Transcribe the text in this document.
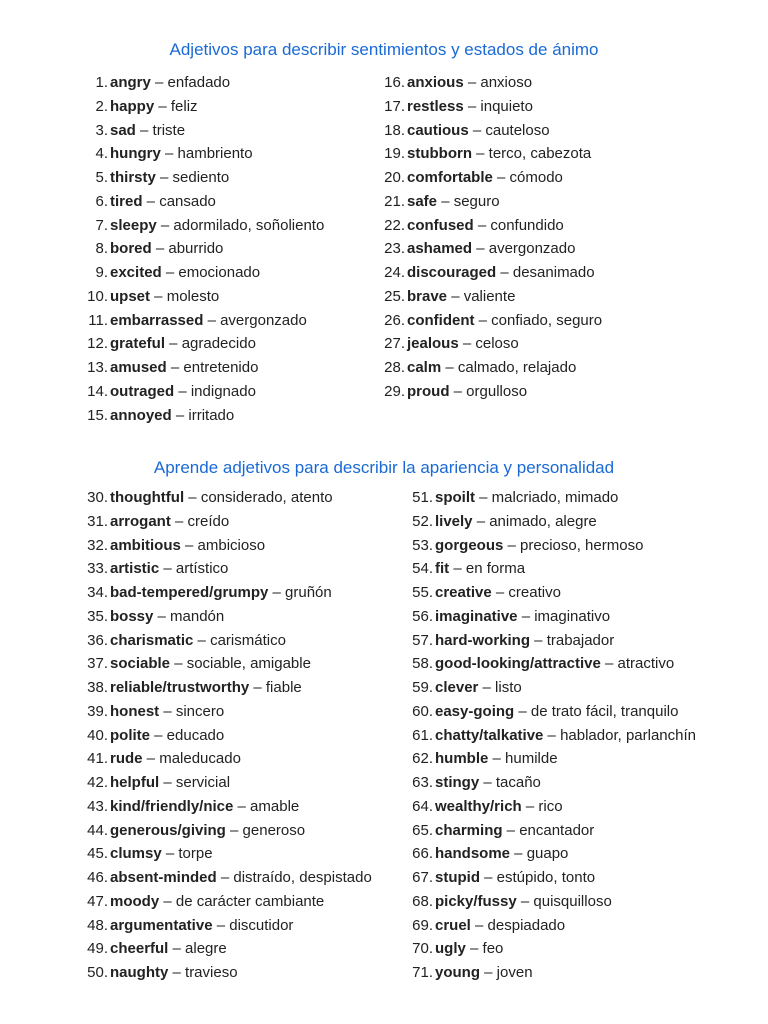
Adjetivos para describir sentimientos y estados de ánimo
1. angry – enfadado
2. happy – feliz
3. sad – triste
4. hungry – hambriento
5. thirsty – sediento
6. tired – cansado
7. sleepy – adormilado, soñoliento
8. bored – aburrido
9. excited – emocionado
10. upset – molesto
11. embarrassed – avergonzado
12. grateful – agradecido
13. amused – entretenido
14. outraged – indignado
15. annoyed – irritado
16. anxious – anxioso
17. restless – inquieto
18. cautious – cauteloso
19. stubborn – terco, cabezota
20. comfortable – cómodo
21. safe – seguro
22. confused – confundido
23. ashamed – avergonzado
24. discouraged – desanimado
25. brave – valiente
26. confident – confiado, seguro
27. jealous – celoso
28. calm – calmado, relajado
29. proud – orgulloso
Aprende adjetivos para describir la apariencia y personalidad
30. thoughtful – considerado, atento
31. arrogant – creído
32. ambitious – ambicioso
33. artistic – artístico
34. bad-tempered/grumpy – gruñón
35. bossy – mandón
36. charismatic – carismático
37. sociable – sociable, amigable
38. reliable/trustworthy – fiable
39. honest – sincero
40. polite – educado
41. rude – maleducado
42. helpful – servicial
43. kind/friendly/nice – amable
44. generous/giving – generoso
45. clumsy – torpe
46. absent-minded – distraído, despistado
47. moody – de carácter cambiante
48. argumentative – discutidor
49. cheerful – alegre
50. naughty – travieso
51. spoilt – malcriado, mimado
52. lively – animado, alegre
53. gorgeous – precioso, hermoso
54. fit – en forma
55. creative – creativo
56. imaginative – imaginativo
57. hard-working – trabajador
58. good-looking/attractive – atractivo
59. clever – listo
60. easy-going – de trato fácil, tranquilo
61. chatty/talkative – hablador, parlanchín
62. humble – humilde
63. stingy – tacaño
64. wealthy/rich – rico
65. charming – encantador
66. handsome – guapo
67. stupid – estúpido, tonto
68. picky/fussy – quisquilloso
69. cruel – despiadado
70. ugly – feo
71. young – joven
